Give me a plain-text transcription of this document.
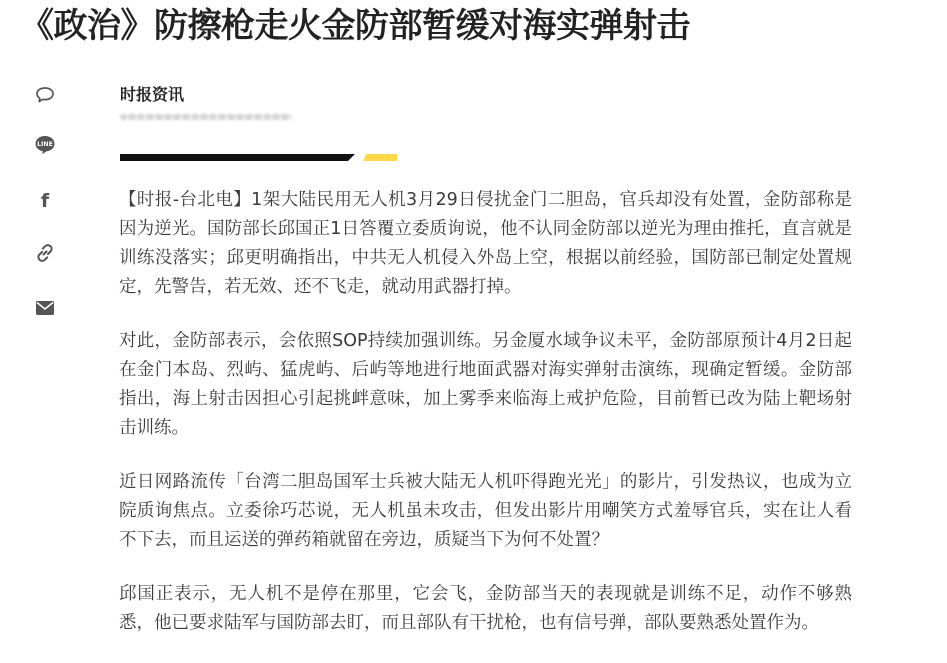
《政治》防擦枪走火金防部暂缓对海实弹射击
LINE
f
时报资讯

【时报-台北电】1架大陆民用无人机3月29日侵扰金门二胆岛，官兵却没有处置，金防部称是因为逆光。国防部长邱国正1日答覆立委质询说，他不认同金防部以逆光为理由推托，直言就是训练没落实；邱更明确指出，中共无人机侵入外岛上空，根据以前经验，国防部已制定处置规定，先警告，若无效、还不飞走，就动用武器打掉。

对此，金防部表示，会依照SOP持续加强训练。另金厦水域争议未平，金防部原预计4月2日起在金门本岛、烈屿、猛虎屿、后屿等地进行地面武器对海实弹射击演练，现确定暂缓。金防部指出，海上射击因担心引起挑衅意味，加上雾季来临海上戒护危险，目前暂已改为陆上靶场射击训练。

近日网路流传「台湾二胆岛国军士兵被大陆无人机吓得跑光光」的影片，引发热议，也成为立院质询焦点。立委徐巧芯说，无人机虽未攻击，但发出影片用嘲笑方式羞辱官兵，实在让人看不下去，而且运送的弹药箱就留在旁边，质疑当下为何不处置？

邱国正表示，无人机不是停在那里，它会飞，金防部当天的表现就是训练不足，动作不够熟悉，他已要求陆军与国防部去盯，而且部队有干扰枪，也有信号弹，部队要熟悉处置作为。
